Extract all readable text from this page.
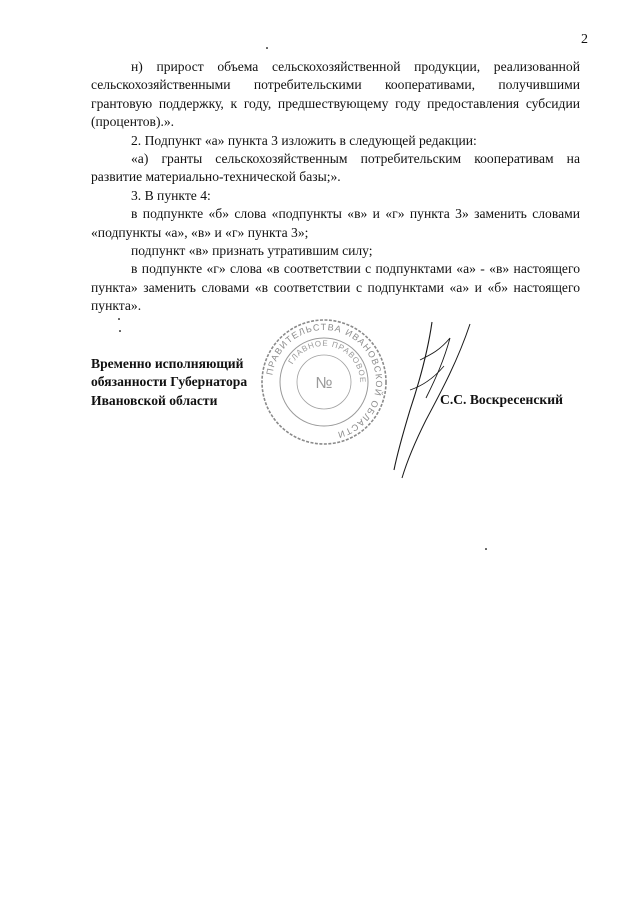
2

н) прирост объема сельскохозяйственной продукции, реализованной сельскохозяйственными потребительскими кооперативами, получившими грантовую поддержку, к году, предшествующему году предоставления субсидии (процентов).».

2. Подпункт «а» пункта 3 изложить в следующей редакции:

«а) гранты сельскохозяйственным потребительским кооперативам на развитие материально-технической базы;».

3. В пункте 4:

в подпункте «б» слова «подпункты «в» и «г» пункта 3» заменить словами «подпункты «а», «в» и «г» пункта 3»;

подпункт «в» признать утратившим силу;

в подпункте «г» слова «в соответствии с подпунктами «а» - «в» настоящего пункта» заменить словами «в соответствии с подпунктами «а» и «б» настоящего пункта».

ПРАВИТЕЛЬСТВА ИВАНОВСКОЙ ОБЛАСТИ
ГЛАВНОЕ ПРАВОВОЕ
№
Временно исполняющий
обязанности Губернатора
Ивановской области	С.С. Воскресенский
